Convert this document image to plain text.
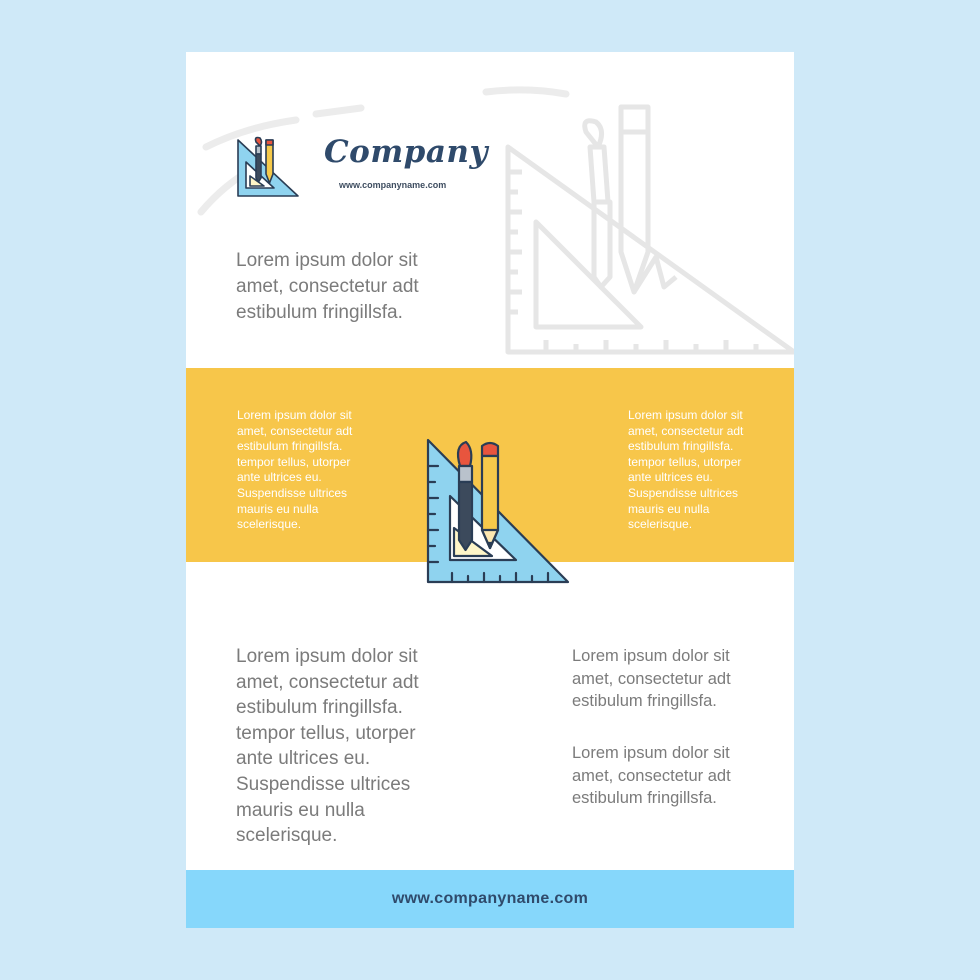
Company
www.companyname.com
Lorem ipsum dolor sit
amet, consectetur adt
estibulum fringillsfa.
Lorem ipsum dolor sit
amet, consectetur adt
estibulum fringillsfa.
tempor tellus, utorper
ante ultrices eu.
Suspendisse ultrices
mauris eu nulla
scelerisque.
Lorem ipsum dolor sit
amet, consectetur adt
estibulum fringillsfa.
tempor tellus, utorper
ante ultrices eu.
Suspendisse ultrices
mauris eu nulla
scelerisque.
Lorem ipsum dolor sit
amet, consectetur adt
estibulum fringillsfa.
tempor tellus, utorper
ante ultrices eu.
Suspendisse ultrices
mauris eu nulla
scelerisque.
Lorem ipsum dolor sit
amet, consectetur adt
estibulum fringillsfa.
Lorem ipsum dolor sit
amet, consectetur adt
estibulum fringillsfa.
www.companyname.com
